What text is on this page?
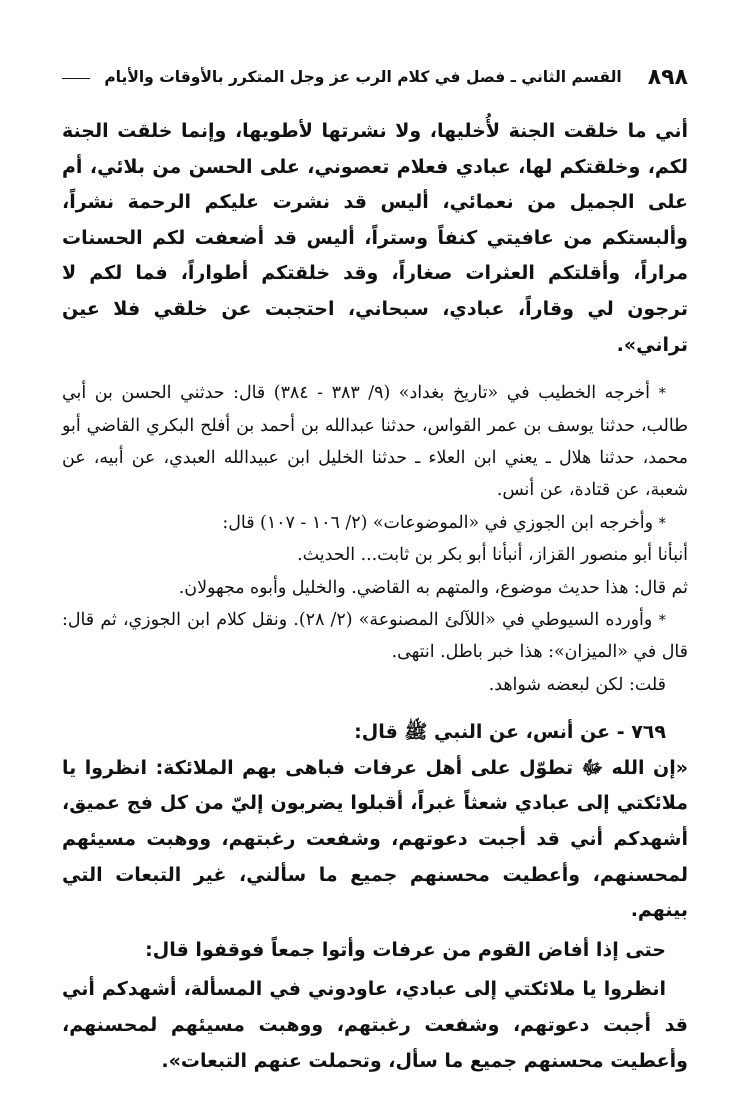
٨٩٨
القسم الثاني ـ فصل في كلام الرب عز وجل المتكرر بالأوقات والأيام

أني ما خلقت الجنة لأُخليها، ولا نشرتها لأطويها، وإنما خلقت الجنة لكم، وخلقتكم لها، عبادي فعلام تعصوني، على الحسن من بلائي، أم على الجميل من نعمائي، أليس قد نشرت عليكم الرحمة نشراً، وألبستكم من عافيتي كنفاً وستراً، أليس قد أضعفت لكم الحسنات مراراً، وأقلتكم العثرات صغاراً، وقد خلقتكم أطواراً، فما لكم لا ترجون لي وقاراً، عبادي، سبحاني، احتجبت عن خلقي فلا عين تراني».

* أخرجه الخطيب في «تاريخ بغداد» (٩/ ٣٨٣ - ٣٨٤) قال: حدثني الحسن بن أبي طالب، حدثنا يوسف بن عمر القواس، حدثنا عبدالله بن أحمد بن أفلح البكري القاضي أبو محمد، حدثنا هلال ـ يعني ابن العلاء ـ حدثنا الخليل ابن عبيدالله العبدي، عن أبيه، عن شعبة، عن قتادة، عن أنس.

* وأخرجه ابن الجوزي في «الموضوعات» (٢/ ١٠٦ - ١٠٧) قال:

أنبأنا أبو منصور القزاز، أنبأنا أبو بكر بن ثابت... الحديث.

ثم قال: هذا حديث موضوع، والمتهم به القاضي. والخليل وأبوه مجهولان.

* وأورده السيوطي في «اللآلئ المصنوعة» (٢/ ٢٨). ونقل كلام ابن الجوزي، ثم قال: قال في «الميزان»: هذا خبر باطل. انتهى.

قلت: لكن لبعضه شواهد.

٧٦٩ - عن أنس، عن النبي ﷺ قال:

«إن الله ﷻ تطوّل على أهل عرفات فباهى بهم الملائكة: انظروا يا ملائكتي إلى عبادي شعثاً غبراً، أقبلوا يضربون إليّ من كل فج عميق، أشهدكم أني قد أجبت دعوتهم، وشفعت رغبتهم، ووهبت مسيئهم لمحسنهم، وأعطيت محسنهم جميع ما سألني، غير التبعات التي بينهم.

حتى إذا أفاض القوم من عرفات وأتوا جمعاً فوقفوا قال:

انظروا يا ملائكتي إلى عبادي، عاودوني في المسألة، أشهدكم أني قد أجبت دعوتهم، وشفعت رغبتهم، ووهبت مسيئهم لمحسنهم، وأعطيت محسنهم جميع ما سأل، وتحملت عنهم التبعات».
